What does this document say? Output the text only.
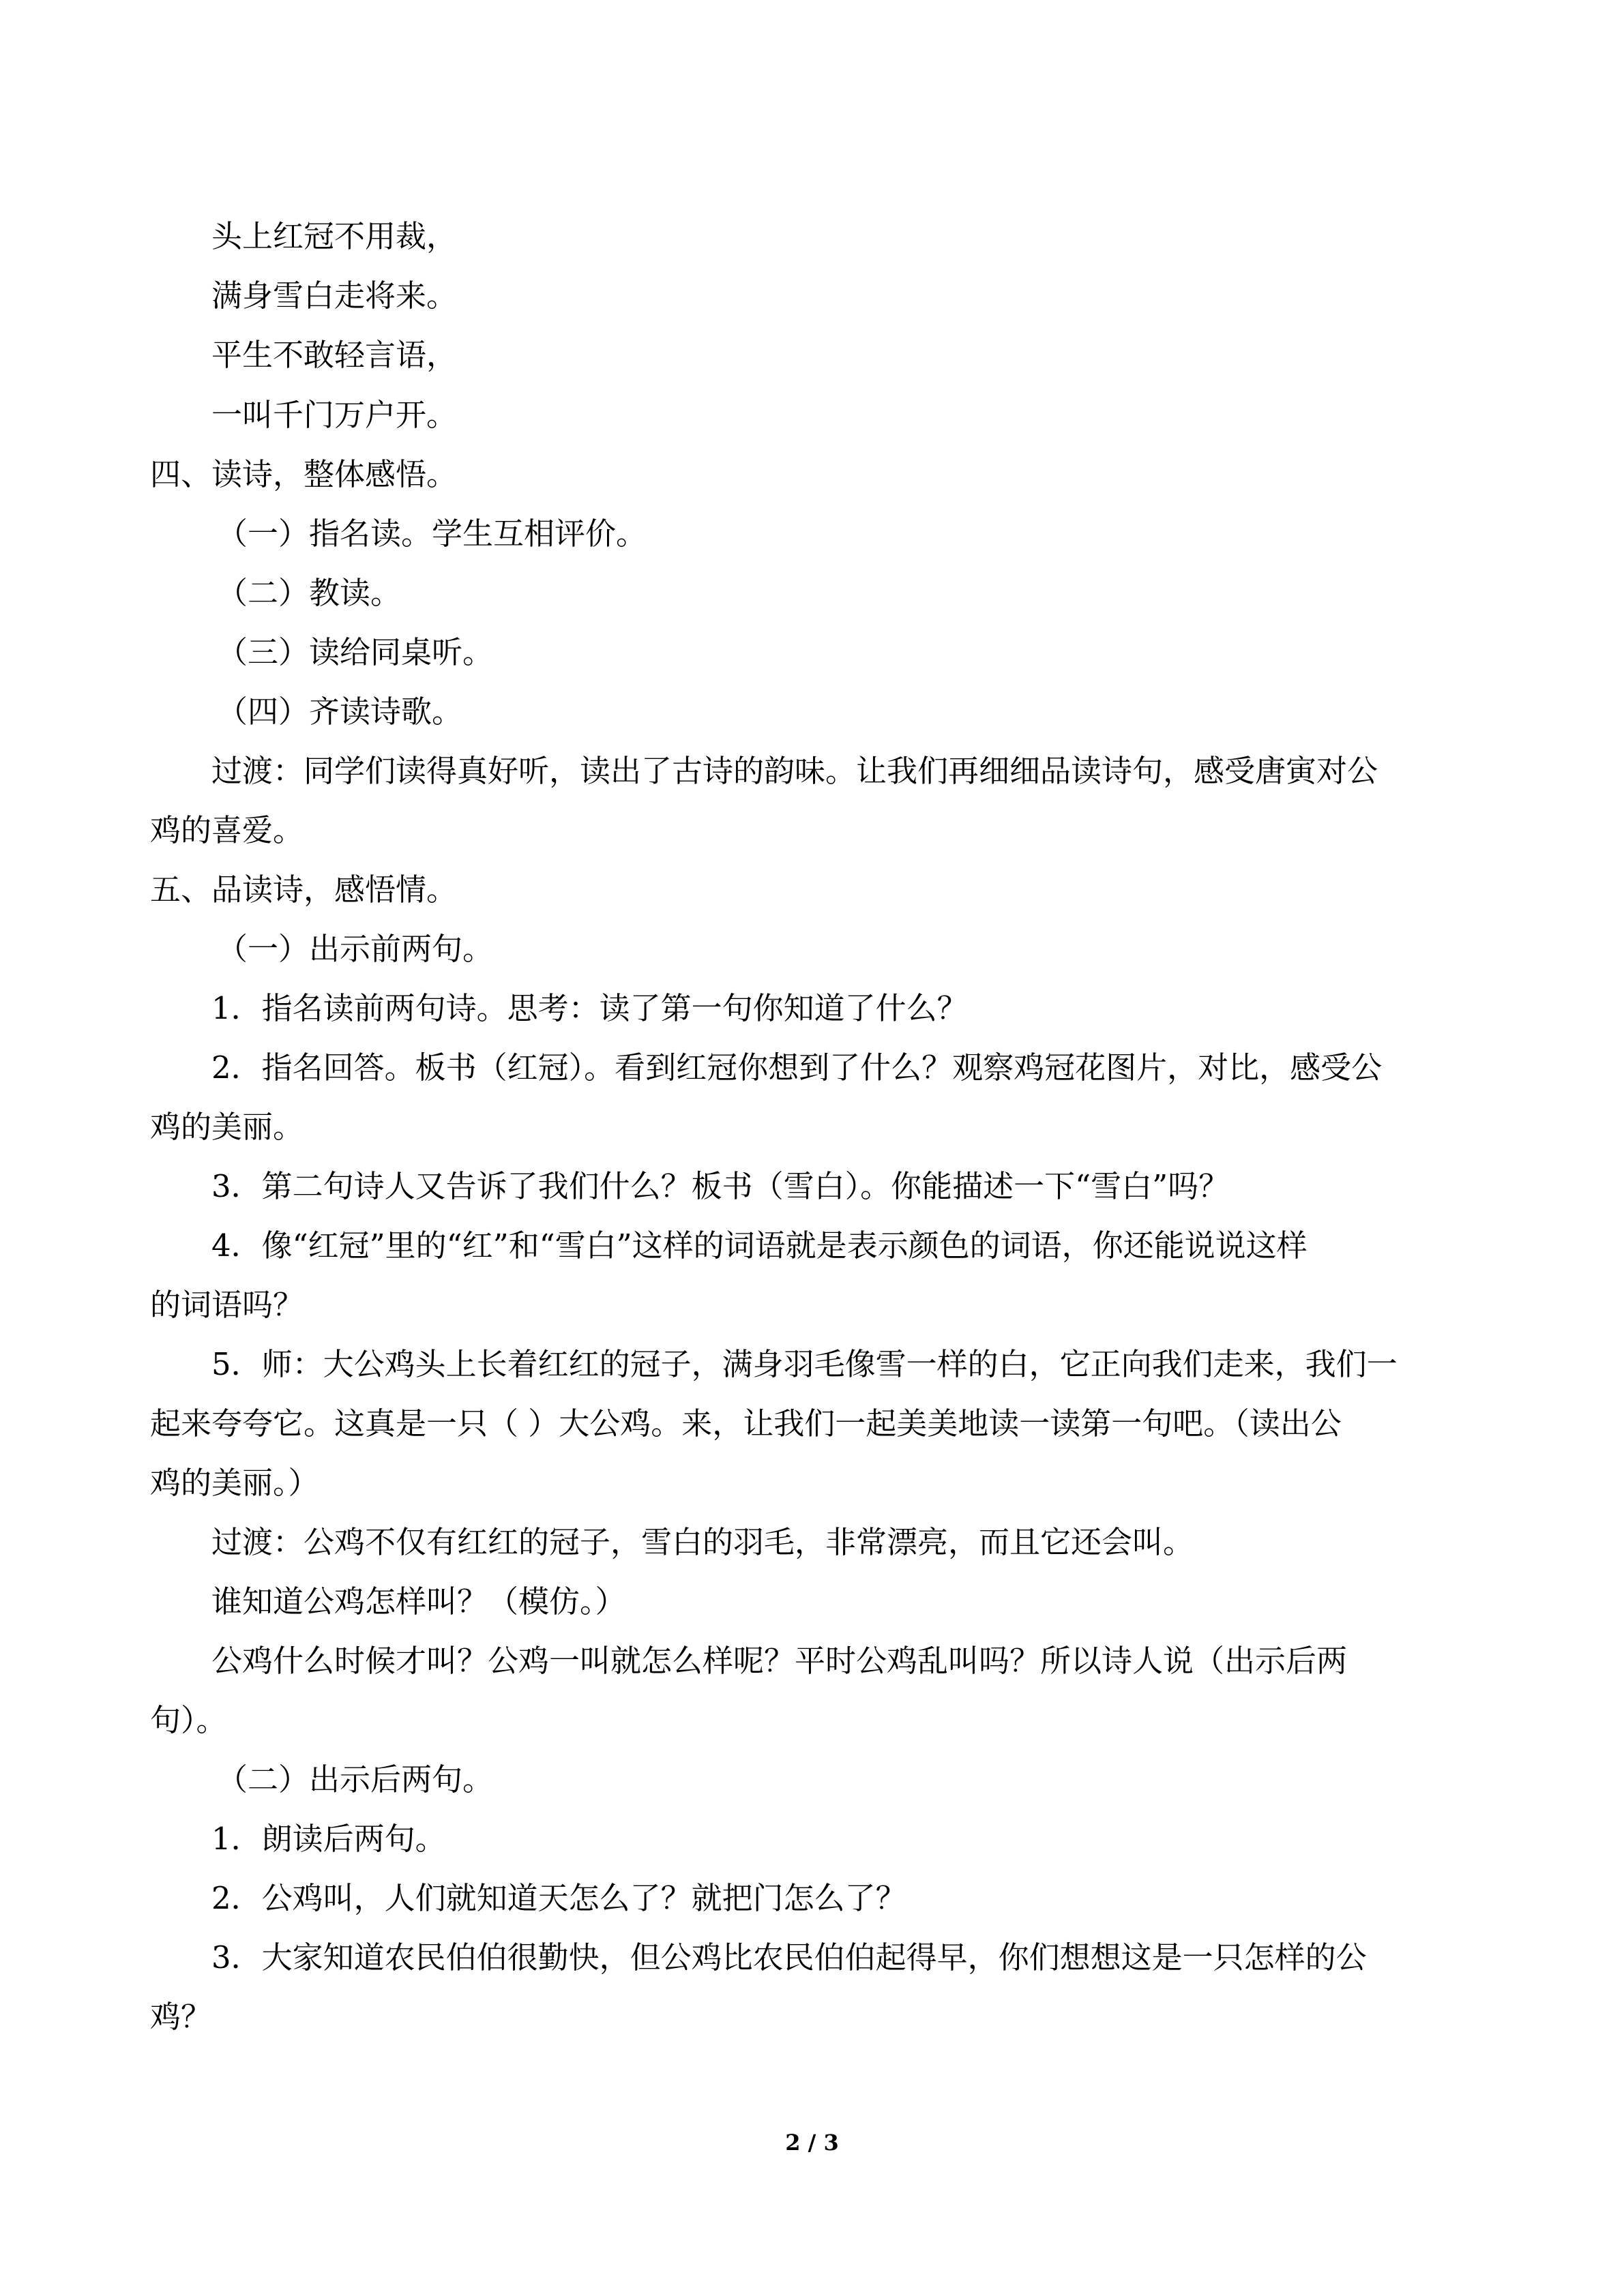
头上红冠不用裁，
满身雪白走将来。
平生不敢轻言语，
一叫千门万户开。
四、读诗，整体感悟。
（一）指名读。学生互相评价。
（二）教读。
（三）读给同桌听。
（四）齐读诗歌。
过渡：同学们读得真好听，读出了古诗的韵味。让我们再细细品读诗句，感受唐寅对公
鸡的喜爱。
五、品读诗，感悟情。
（一）出示前两句。
1．指名读前两句诗。思考：读了第一句你知道了什么？
2．指名回答。板书（红冠）。看到红冠你想到了什么？观察鸡冠花图片，对比，感受公
鸡的美丽。
3．第二句诗人又告诉了我们什么？板书（雪白）。你能描述一下“雪白”吗？
4．像“红冠”里的“红”和“雪白”这样的词语就是表示颜色的词语，你还能说说这样
的词语吗？
5．师：大公鸡头上长着红红的冠子，满身羽毛像雪一样的白，它正向我们走来，我们一
起来夸夸它。这真是一只（ ）大公鸡。来，让我们一起美美地读一读第一句吧。（读出公
鸡的美丽。）
过渡：公鸡不仅有红红的冠子，雪白的羽毛，非常漂亮，而且它还会叫。
谁知道公鸡怎样叫？（模仿。）
公鸡什么时候才叫？公鸡一叫就怎么样呢？平时公鸡乱叫吗？所以诗人说（出示后两
句）。
（二）出示后两句。
1．朗读后两句。
2．公鸡叫，人们就知道天怎么了？就把门怎么了？
3．大家知道农民伯伯很勤快，但公鸡比农民伯伯起得早，你们想想这是一只怎样的公
鸡？
2 / 3
